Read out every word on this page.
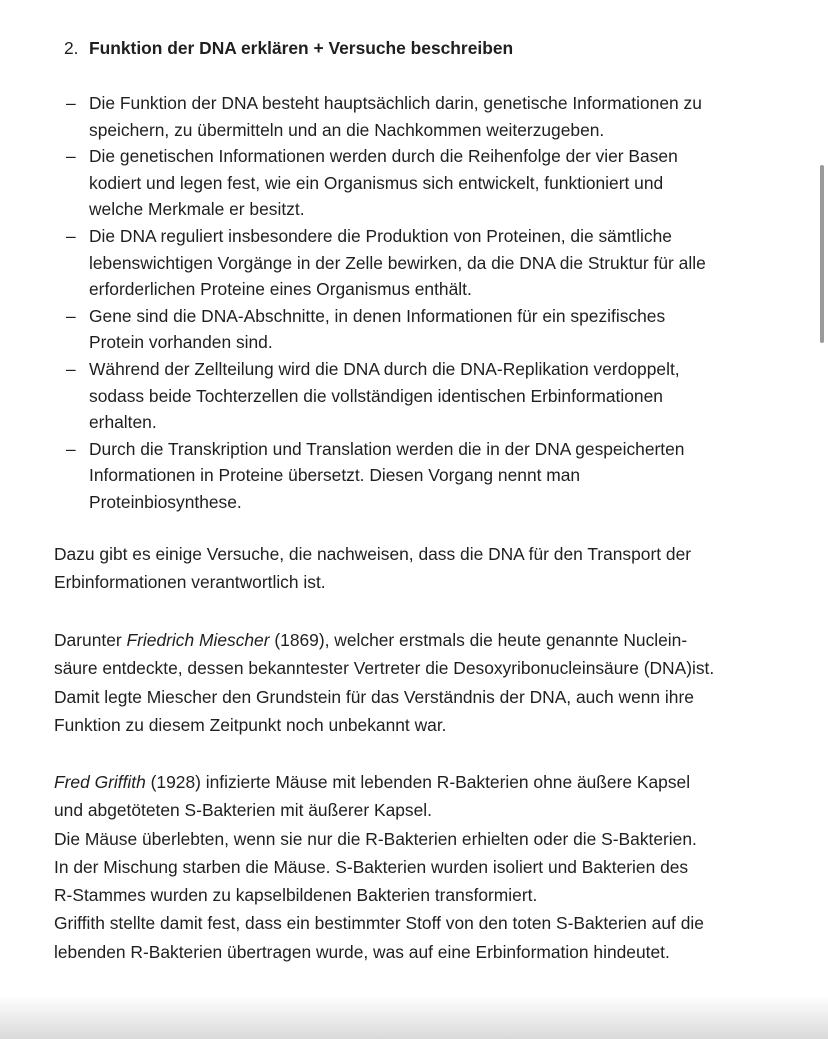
2. Funktion der DNA erklären + Versuche beschreiben
– Die Funktion der DNA besteht hauptsächlich darin, genetische Informationen zu
speichern, zu übermitteln und an die Nachkommen weiterzugeben.
– Die genetischen Informationen werden durch die Reihenfolge der vier Basen
kodiert und legen fest, wie ein Organismus sich entwickelt, funktioniert und
welche Merkmale er besitzt.
– Die DNA reguliert insbesondere die Produktion von Proteinen, die sämtliche
lebenswichtigen Vorgänge in der Zelle bewirken, da die DNA die Struktur für alle
erforderlichen Proteine eines Organismus enthält.
– Gene sind die DNA-Abschnitte, in denen Informationen für ein spezifisches
Protein vorhanden sind.
– Während der Zellteilung wird die DNA durch die DNA-Replikation verdoppelt,
sodass beide Tochterzellen die vollständigen identischen Erbinformationen
erhalten.
– Durch die Transkription und Translation werden die in der DNA gespeicherten
Informationen in Proteine übersetzt. Diesen Vorgang nennt man
Proteinbiosynthese.

Dazu gibt es einige Versuche, die nachweisen, dass die DNA für den Transport der
Erbinformationen verantwortlich ist.

Darunter Friedrich Miescher (1869), welcher erstmals die heute genannte Nuclein-
säure entdeckte, dessen bekanntester Vertreter die Desoxyribonucleinsäure (DNA)ist.
Damit legte Miescher den Grundstein für das Verständnis der DNA, auch wenn ihre
Funktion zu diesem Zeitpunkt noch unbekannt war.

Fred Griffith (1928) infizierte Mäuse mit lebenden R-Bakterien ohne äußere Kapsel
und abgetöteten S-Bakterien mit äußerer Kapsel.
Die Mäuse überlebten, wenn sie nur die R-Bakterien erhielten oder die S-Bakterien.
In der Mischung starben die Mäuse. S-Bakterien wurden isoliert und Bakterien des
R-Stammes wurden zu kapselbildenen Bakterien transformiert.
Griffith stellte damit fest, dass ein bestimmter Stoff von den toten S-Bakterien auf die
lebenden R-Bakterien übertragen wurde, was auf eine Erbinformation hindeutet.
